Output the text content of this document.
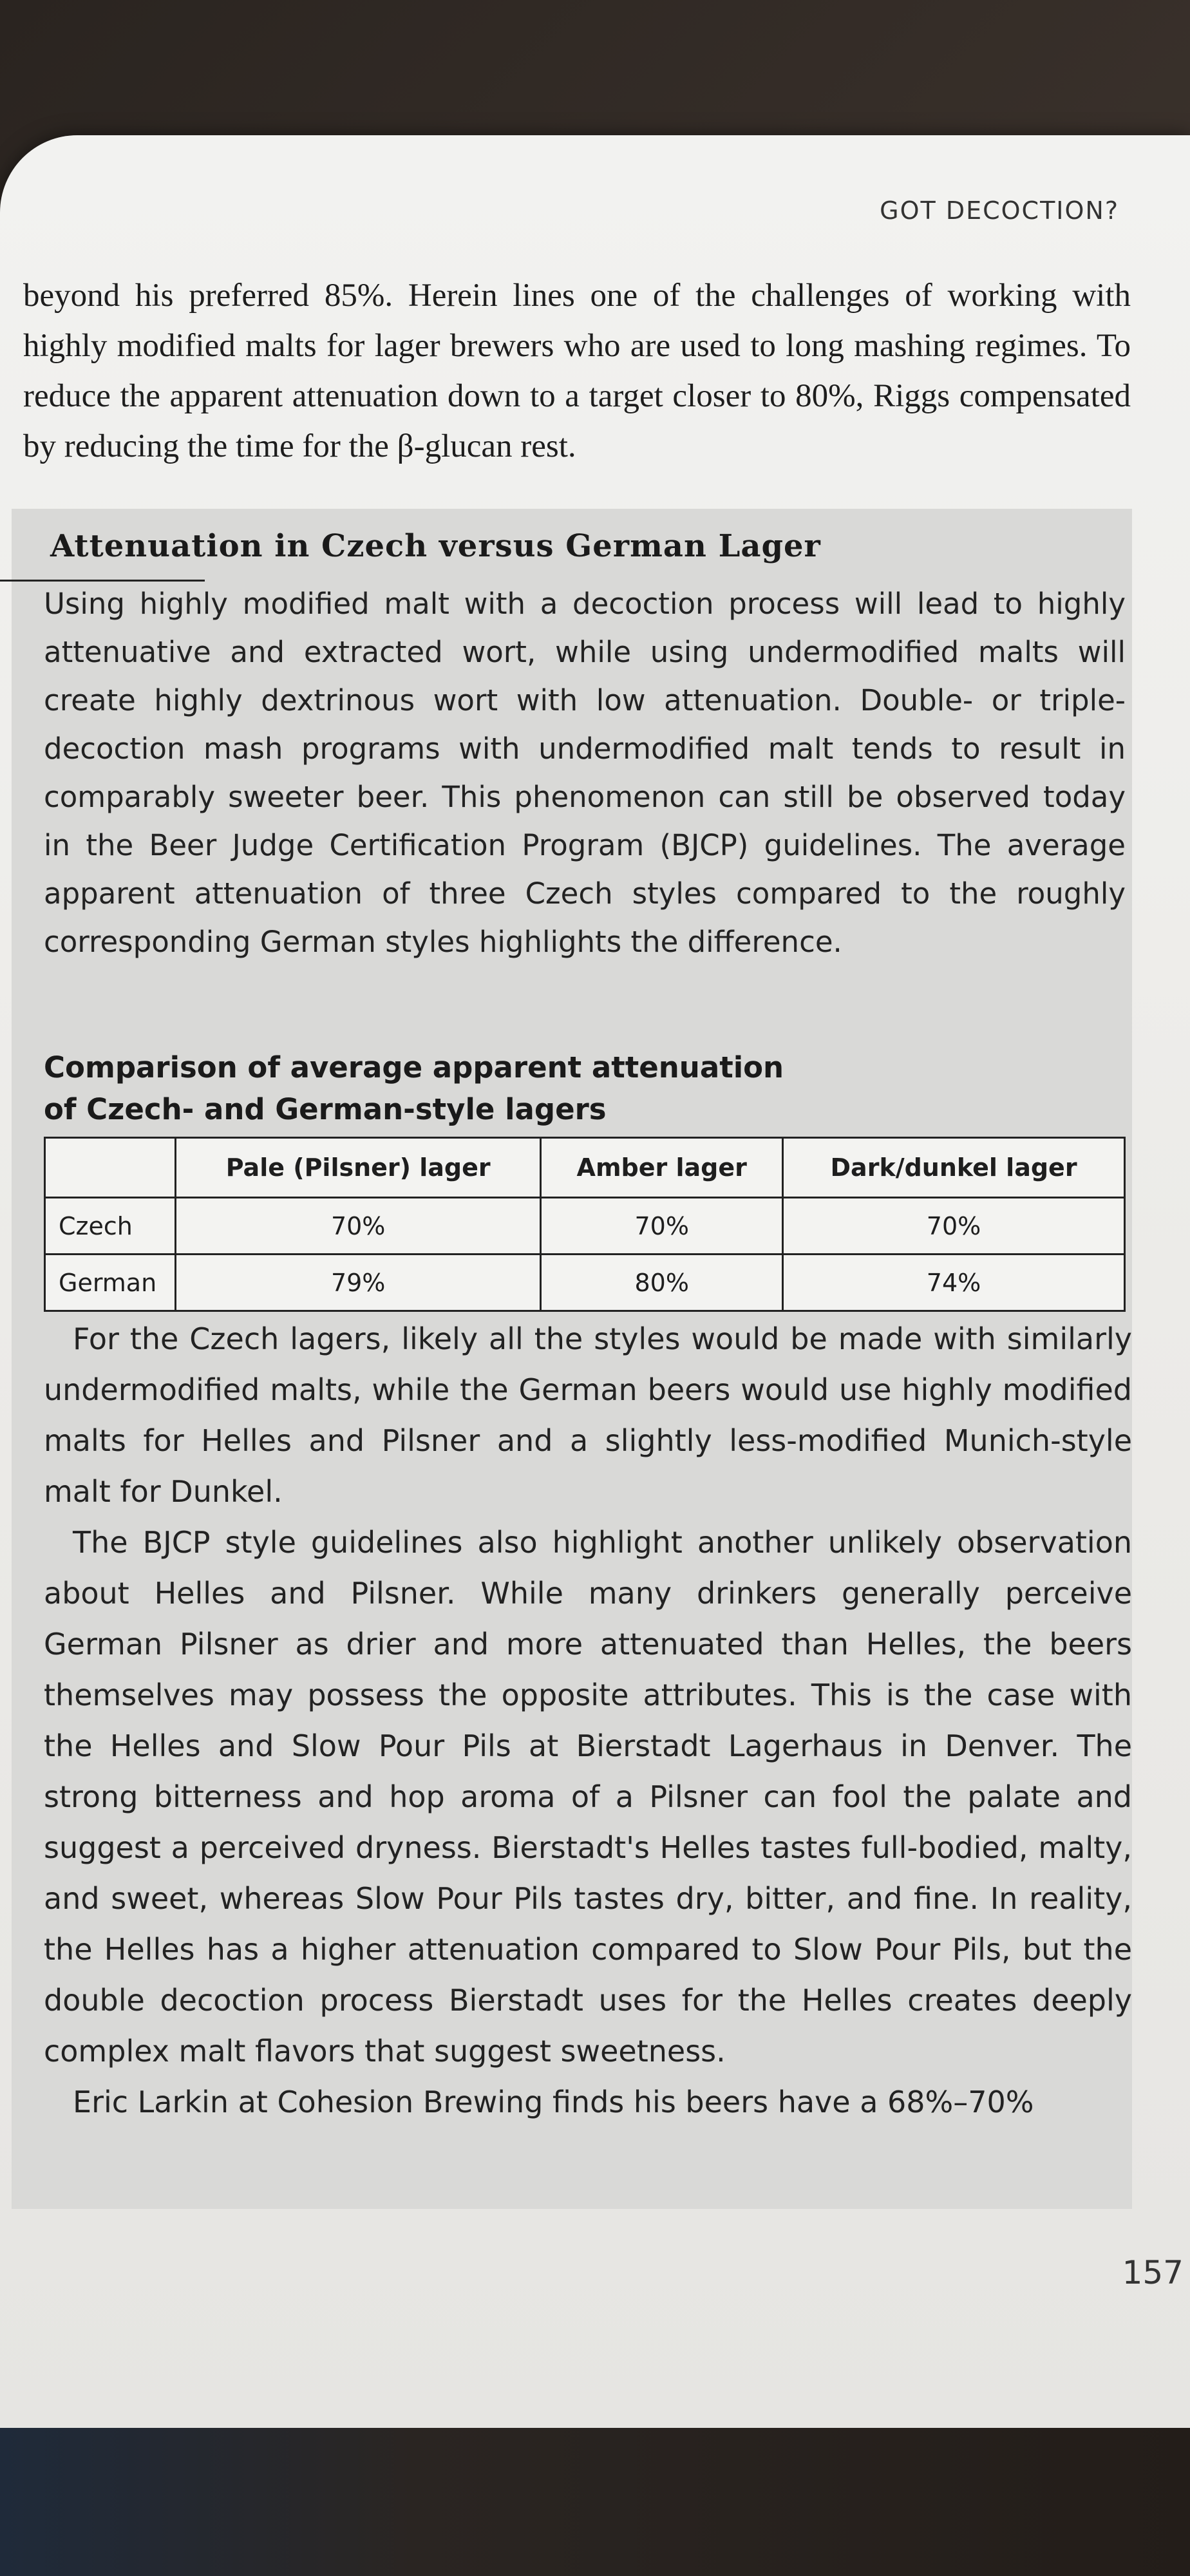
GOT DECOCTION?
beyond his preferred 85%. Herein lines one of the challenges of working with highly modified malts for lager brewers who are used to long mashing regimes. To reduce the apparent attenuation down to a target closer to 80%, Riggs compensated by reducing the time for the β-glucan rest.
Attenuation in Czech versus German Lager
Using highly modified malt with a decoction process will lead to highly attenuative and extracted wort, while using undermodified malts will create highly dextrinous wort with low attenuation. Double- or triple-decoction mash programs with undermodified malt tends to result in comparably sweeter beer. This phenomenon can still be observed today in the Beer Judge Certification Program (BJCP) guidelines. The average apparent attenuation of three Czech styles compared to the roughly corresponding German styles highlights the difference.
Comparison of average apparent attenuation of Czech- and German-style lagers
	Pale (Pilsner) lager	Amber lager	Dark/dunkel lager
Czech	70%	70%	70%
German	79%	80%	74%

For the Czech lagers, likely all the styles would be made with similarly undermodified malts, while the German beers would use highly modified malts for Helles and Pilsner and a slightly less-modified Munich-style malt for Dunkel.

The BJCP style guidelines also highlight another unlikely observation about Helles and Pilsner. While many drinkers generally perceive German Pilsner as drier and more attenuated than Helles, the beers themselves may possess the opposite attributes. This is the case with the Helles and Slow Pour Pils at Bierstadt Lagerhaus in Denver. The strong bitterness and hop aroma of a Pilsner can fool the palate and suggest a perceived dryness. Bierstadt's Helles tastes full-bodied, malty, and sweet, whereas Slow Pour Pils tastes dry, bitter, and fine. In reality, the Helles has a higher attenuation compared to Slow Pour Pils, but the double decoction process Bierstadt uses for the Helles creates deeply complex malt flavors that suggest sweetness.

Eric Larkin at Cohesion Brewing finds his beers have a 68%–70%

157
